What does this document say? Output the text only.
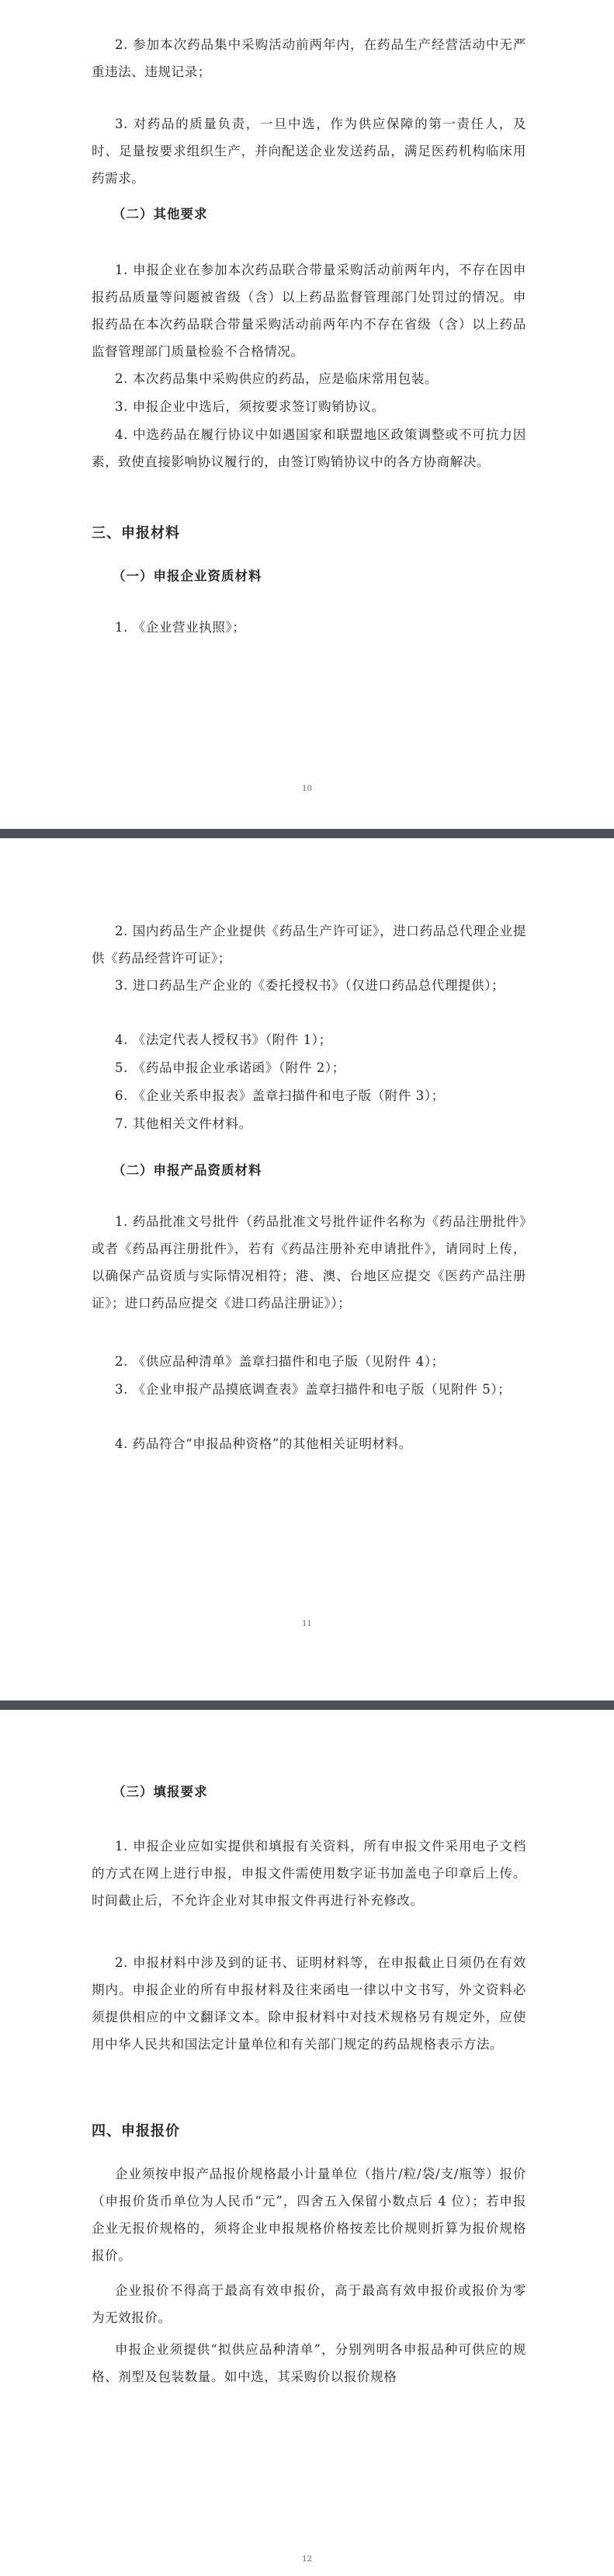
2. 参加本次药品集中采购活动前两年内，在药品生产经营活动中无严重违法、违规记录；

3. 对药品的质量负责，一旦中选，作为供应保障的第一责任人，及时、足量按要求组织生产，并向配送企业发送药品，满足医药机构临床用药需求。

（二）其他要求

1. 申报企业在参加本次药品联合带量采购活动前两年内，不存在因申报药品质量等问题被省级（含）以上药品监督管理部门处罚过的情况。申报药品在本次药品联合带量采购活动前两年内不存在省级（含）以上药品监督管理部门质量检验不合格情况。

2. 本次药品集中采购供应的药品，应是临床常用包装。

3. 申报企业中选后，须按要求签订购销协议。

4. 中选药品在履行协议中如遇国家和联盟地区政策调整或不可抗力因素，致使直接影响协议履行的，由签订购销协议中的各方协商解决。

三、申报材料

（一）申报企业资质材料

1. 《企业营业执照》；

10

2. 国内药品生产企业提供《药品生产许可证》，进口药品总代理企业提供《药品经营许可证》；

3. 进口药品生产企业的《委托授权书》（仅进口药品总代理提供）；

4. 《法定代表人授权书》（附件 1）；

5. 《药品申报企业承诺函》（附件 2）；

6. 《企业关系申报表》盖章扫描件和电子版（附件 3）；

7. 其他相关文件材料。

（二）申报产品资质材料

1. 药品批准文号批件（药品批准文号批件证件名称为《药品注册批件》或者《药品再注册批件》，若有《药品注册补充申请批件》，请同时上传，以确保产品资质与实际情况相符；港、澳、台地区应提交《医药产品注册证》；进口药品应提交《进口药品注册证》）；

2. 《供应品种清单》盖章扫描件和电子版（见附件 4）；

3. 《企业申报产品摸底调查表》盖章扫描件和电子版（见附件 5）；

4. 药品符合“申报品种资格”的其他相关证明材料。

11

（三）填报要求

1. 申报企业应如实提供和填报有关资料，所有申报文件采用电子文档的方式在网上进行申报，申报文件需使用数字证书加盖电子印章后上传。时间截止后，不允许企业对其申报文件再进行补充修改。

2. 申报材料中涉及到的证书、证明材料等，在申报截止日须仍在有效期内。申报企业的所有申报材料及往来函电一律以中文书写，外文资料必须提供相应的中文翻译文本。除申报材料中对技术规格另有规定外，应使用中华人民共和国法定计量单位和有关部门规定的药品规格表示方法。

四、申报报价

企业须按申报产品报价规格最小计量单位（指片/粒/袋/支/瓶等）报价（申报价货币单位为人民币“元”，四舍五入保留小数点后 4 位）；若申报企业无报价规格的，须将企业申报规格价格按差比价规则折算为报价规格报价。

企业报价不得高于最高有效申报价，高于最高有效申报价或报价为零为无效报价。

申报企业须提供“拟供应品种清单”，分别列明各申报品种可供应的规格、剂型及包装数量。如中选，其采购价以报价规格

12
